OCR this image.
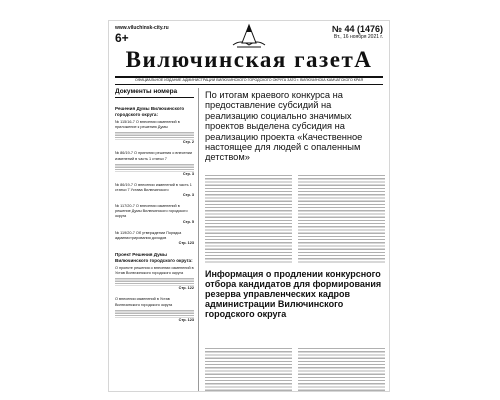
www.viluchinsk-city.ru
6+
№ 44 (1476)
Вт., 16 ноября 2021 г.
Вилючинская газетА
ОФИЦИАЛЬНОЕ ИЗДАНИЕ АДМИНИСТРАЦИИ ВИЛЮЧИНСКОГО ГОРОДСКОГО ОКРУГА ЗАТО г. ВИЛЮЧИНСКА КАМЧАТСКОГО КРАЯ
Документы номера
Решения Думы Вилючинского городского округа:
№ 115/16-7 О внесении изменений в приложение к решению Думы
Стр. 2
№ 86/19-7 О принятии решения о внесении изменений в часть 1 статьи 7
Стр. 3
№ 86/19-7 О внесении изменений в часть 1 статьи 7 Устава Вилючинского
Стр. 3
№ 117/20-7 О внесении изменений в решение Думы Вилючинского городского округа
Стр. 5
№ 119/20-7 Об утверждении Порядка администрирования доходов
Стр. 123
Проект Решения Думы Вилючинского городского округа:
О проекте решения о внесении изменений в Устав Вилючинского городского округа
Стр. 122
О внесении изменений в Устав Вилючинского городского округа
Стр. 123
По итогам краевого конкурса на предоставление субсидий на реализацию социально значимых проектов выделена субсидия на реализацию проекта «Качественное настоящее для людей с опаленным детством»
Информация о продлении конкурсного отбора кандидатов для формирования резерва управленческих кадров администрации Вилючинского городского округа
